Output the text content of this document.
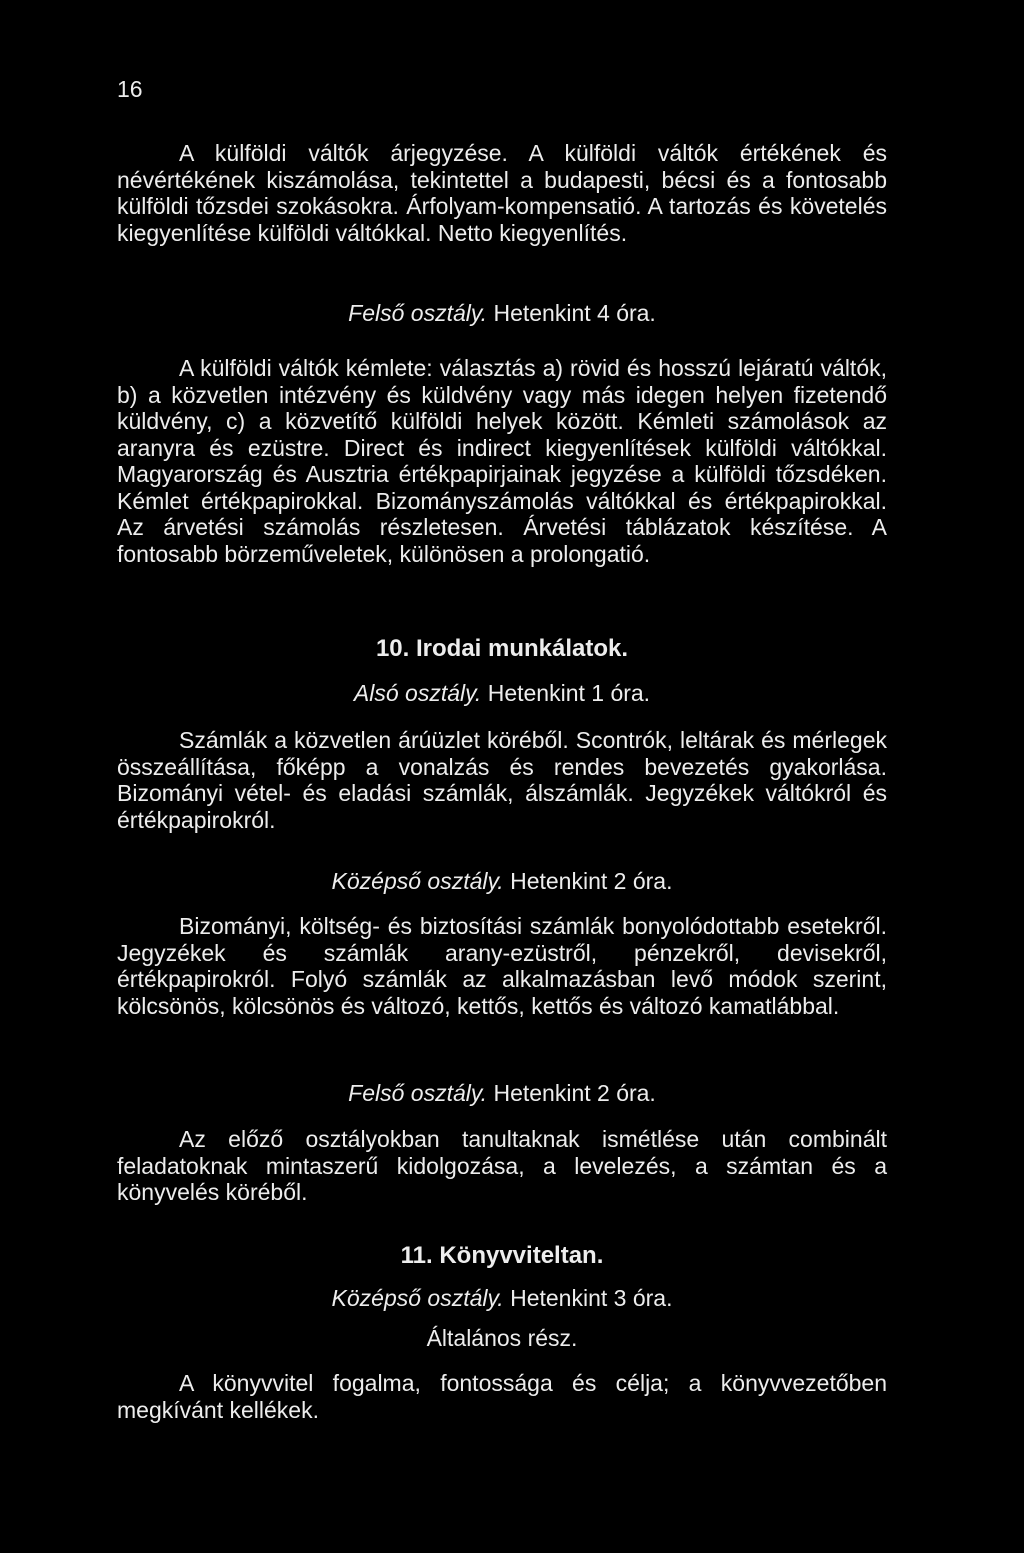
16

A külföldi váltók árjegyzése. A külföldi váltók értékének és névértékének kiszámolása, tekintettel a budapesti, bécsi és a fontosabb külföldi tőzsdei szokásokra. Árfolyam-kompensatió. A tartozás és követelés kiegyenlítése külföldi váltókkal. Netto kiegyenlítés.

Felső osztály. Hetenkint 4 óra.

A külföldi váltók kémlete: választás a) rövid és hosszú lejáratú váltók, b) a közvetlen intézvény és küldvény vagy más idegen helyen fizetendő küldvény, c) a közvetítő külföldi helyek között. Kémleti számolások az aranyra és ezüstre. Direct és indirect kiegyenlítések külföldi váltókkal. Magyarország és Ausztria értékpapirjainak jegyzése a külföldi tőzsdéken. Kémlet értékpapirokkal. Bizományszámolás váltókkal és értékpapirokkal. Az árvetési számolás részletesen. Árvetési táblázatok készítése. A fontosabb börzeműveletek, különösen a prolongatió.

10. Irodai munkálatok.
Alsó osztály. Hetenkint 1 óra.

Számlák a közvetlen árúüzlet köréből. Scontrók, leltárak és mérlegek összeállítása, főképp a vonalzás és rendes bevezetés gyakorlása. Bizományi vétel- és eladási számlák, álszámlák. Jegyzékek váltókról és értékpapirokról.

Középső osztály. Hetenkint 2 óra.

Bizományi, költség- és biztosítási számlák bonyolódottabb esetekről. Jegyzékek és számlák arany-ezüstről, pénzekről, devisekről, értékpapirokról. Folyó számlák az alkalmazásban levő módok szerint, kölcsönös, kölcsönös és változó, kettős, kettős és változó kamatlábbal.

Felső osztály. Hetenkint 2 óra.

Az előző osztályokban tanultaknak ismétlése után combinált feladatoknak mintaszerű kidolgozása, a levelezés, a számtan és a könyvelés köréből.

11. Könyvviteltan.
Középső osztály. Hetenkint 3 óra.
Általános rész.

A könyvvitel fogalma, fontossága és célja; a könyvvezetőben megkívánt kellékek.
